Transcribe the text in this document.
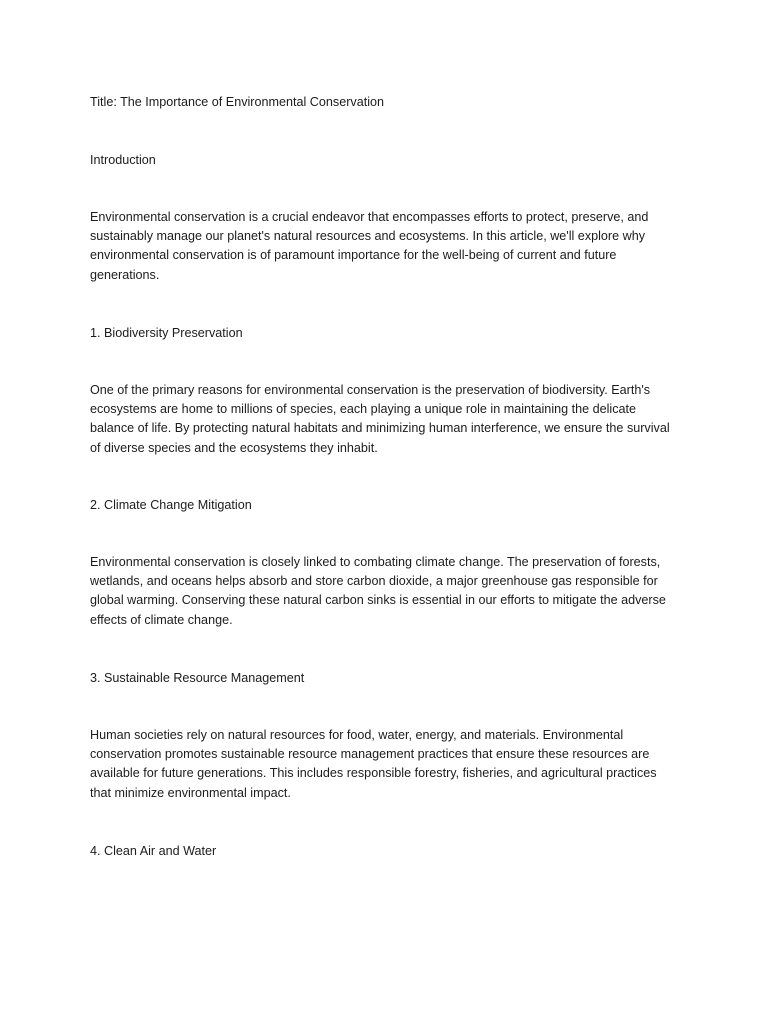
Title: The Importance of Environmental Conservation
Introduction
Environmental conservation is a crucial endeavor that encompasses efforts to protect, preserve, and
sustainably manage our planet's natural resources and ecosystems. In this article, we'll explore why
environmental conservation is of paramount importance for the well-being of current and future
generations.
1. Biodiversity Preservation
One of the primary reasons for environmental conservation is the preservation of biodiversity. Earth's
ecosystems are home to millions of species, each playing a unique role in maintaining the delicate
balance of life. By protecting natural habitats and minimizing human interference, we ensure the survival
of diverse species and the ecosystems they inhabit.
2. Climate Change Mitigation
Environmental conservation is closely linked to combating climate change. The preservation of forests,
wetlands, and oceans helps absorb and store carbon dioxide, a major greenhouse gas responsible for
global warming. Conserving these natural carbon sinks is essential in our efforts to mitigate the adverse
effects of climate change.
3. Sustainable Resource Management
Human societies rely on natural resources for food, water, energy, and materials. Environmental
conservation promotes sustainable resource management practices that ensure these resources are
available for future generations. This includes responsible forestry, fisheries, and agricultural practices
that minimize environmental impact.
4. Clean Air and Water
